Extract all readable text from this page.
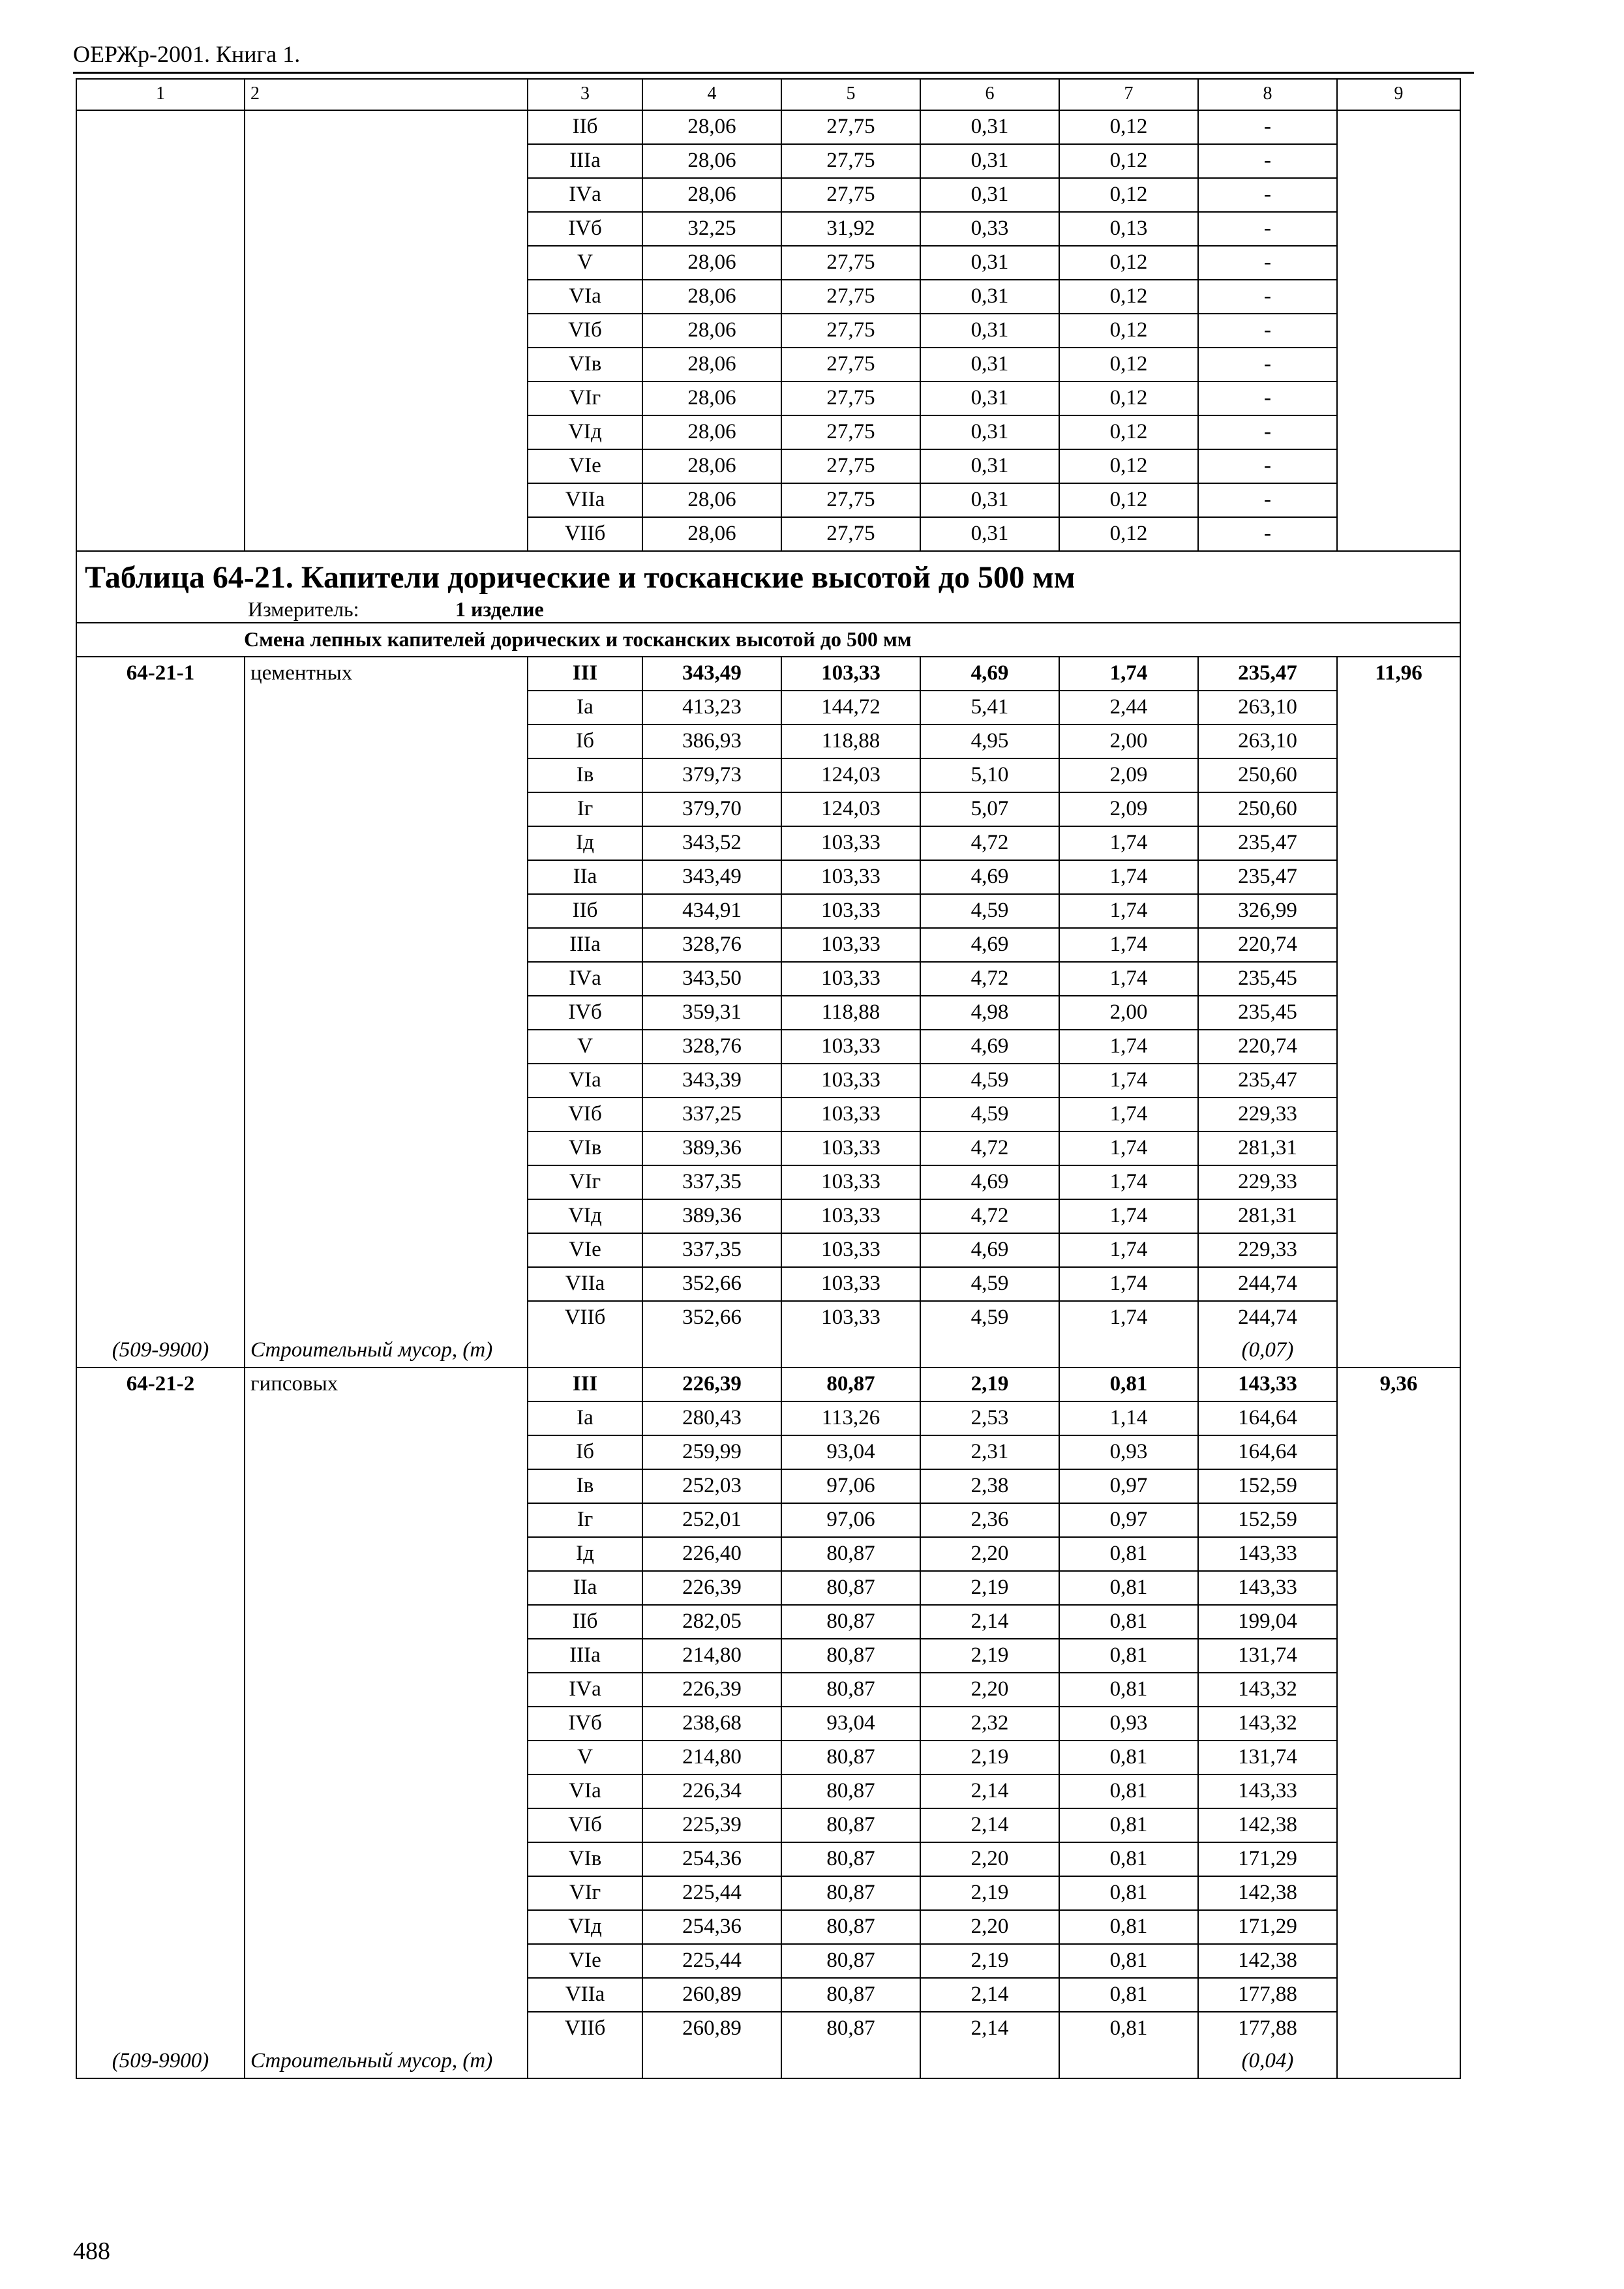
ОЕРЖр-2001. Книга 1.
1	2	3	4	5	6	7	8	9
		IIб	28,06	27,75	0,31	0,12	-	
		IIIа	28,06	27,75	0,31	0,12	-	
		IVа	28,06	27,75	0,31	0,12	-	
		IVб	32,25	31,92	0,33	0,13	-	
		V	28,06	27,75	0,31	0,12	-	
		VIа	28,06	27,75	0,31	0,12	-	
		VIб	28,06	27,75	0,31	0,12	-	
		VIв	28,06	27,75	0,31	0,12	-	
		VIг	28,06	27,75	0,31	0,12	-	
		VIд	28,06	27,75	0,31	0,12	-	
		VIе	28,06	27,75	0,31	0,12	-	
		VIIа	28,06	27,75	0,31	0,12	-	
		VIIб	28,06	27,75	0,31	0,12	-	

Таблица 64-21. Капители дорические и тосканские высотой до 500 мм
Измеритель: 1 изделие								

Смена лепных капителей дорических и тосканских высотой до 500 мм								
64-21-1	цементных	III	343,49	103,33	4,69	1,74	235,47	11,96
		Iа	413,23	144,72	5,41	2,44	263,10	
		Iб	386,93	118,88	4,95	2,00	263,10	
		Iв	379,73	124,03	5,10	2,09	250,60	
		Iг	379,70	124,03	5,07	2,09	250,60	
		Iд	343,52	103,33	4,72	1,74	235,47	
		IIа	343,49	103,33	4,69	1,74	235,47	
		IIб	434,91	103,33	4,59	1,74	326,99	
		IIIа	328,76	103,33	4,69	1,74	220,74	
		IVа	343,50	103,33	4,72	1,74	235,45	
		IVб	359,31	118,88	4,98	2,00	235,45	
		V	328,76	103,33	4,69	1,74	220,74	
		VIа	343,39	103,33	4,59	1,74	235,47	
		VIб	337,25	103,33	4,59	1,74	229,33	
		VIв	389,36	103,33	4,72	1,74	281,31	
		VIг	337,35	103,33	4,69	1,74	229,33	
		VIд	389,36	103,33	4,72	1,74	281,31	
		VIе	337,35	103,33	4,69	1,74	229,33	
		VIIа	352,66	103,33	4,59	1,74	244,74	
		VIIб	352,66	103,33	4,59	1,74	244,74	
(509-9900)	Строительный мусор, (т)						(0,07)	
64-21-2	гипсовых	III	226,39	80,87	2,19	0,81	143,33	9,36
		Iа	280,43	113,26	2,53	1,14	164,64	
		Iб	259,99	93,04	2,31	0,93	164,64	
		Iв	252,03	97,06	2,38	0,97	152,59	
		Iг	252,01	97,06	2,36	0,97	152,59	
		Iд	226,40	80,87	2,20	0,81	143,33	
		IIа	226,39	80,87	2,19	0,81	143,33	
		IIб	282,05	80,87	2,14	0,81	199,04	
		IIIа	214,80	80,87	2,19	0,81	131,74	
		IVа	226,39	80,87	2,20	0,81	143,32	
		IVб	238,68	93,04	2,32	0,93	143,32	
		V	214,80	80,87	2,19	0,81	131,74	
		VIа	226,34	80,87	2,14	0,81	143,33	
		VIб	225,39	80,87	2,14	0,81	142,38	
		VIв	254,36	80,87	2,20	0,81	171,29	
		VIг	225,44	80,87	2,19	0,81	142,38	
		VIд	254,36	80,87	2,20	0,81	171,29	
		VIе	225,44	80,87	2,19	0,81	142,38	
		VIIа	260,89	80,87	2,14	0,81	177,88	
		VIIб	260,89	80,87	2,14	0,81	177,88	
(509-9900)	Строительный мусор, (т)						(0,04)	
488
